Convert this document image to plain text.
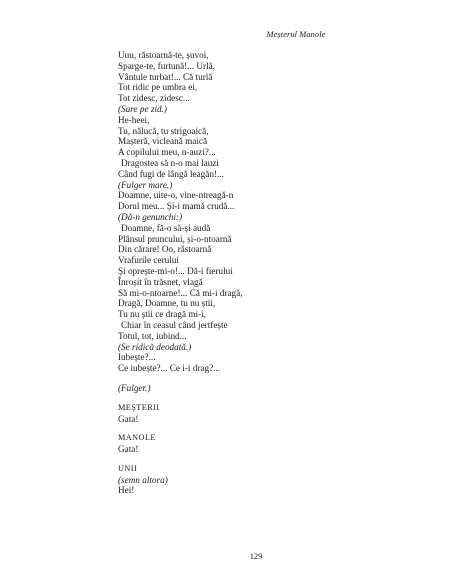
Meșterul Manole
Uuu, răstoarnă-te, șuvoi,
Sparge-te, furtună!... Urlă,
Vântule turbat!... Că turlă
Tot ridic pe umbra ei,
Tot zidesc, zidesc...
(Sare pe zid.)
He-heei,
Tu, nălucă, tu strigoaică,
Mașteră, vicleană maică
A copilului meu, n-auzi?...
Dragostea să n-o mai lauzi
Când fugi de lângă leagăn!...
(Fulger mare.)
Doamne, uite-o, vine-ntreagă-n
Dorul meu... Și-i mamă crudă...
(Dă-n genunchi:)
Doamne, fă-o să-și audă
Plânsul pruncului, și-o-ntoarnă
Din cărare! Oo, răstoarnă
Vrafurile cerului
Și oprește-mi-o!... Dă-i fierului
Înroșit în trăsnet, vlagă
Să mi-o-ntoarne!... Că mi-i dragă,
Dragă, Doamne, tu nu știi,
Tu nu știi ce dragă mi-i,
Chiar în ceasul când jertfește
Totul, tot, iubind...
(Se ridică deodată.)
Iubește?...
Ce iubește?... Ce i-i drag?...
(Fulger.)
MEȘTERII
Gata!
MANOLE
Gata!
UNII
(semn altora)
Hei!
129
